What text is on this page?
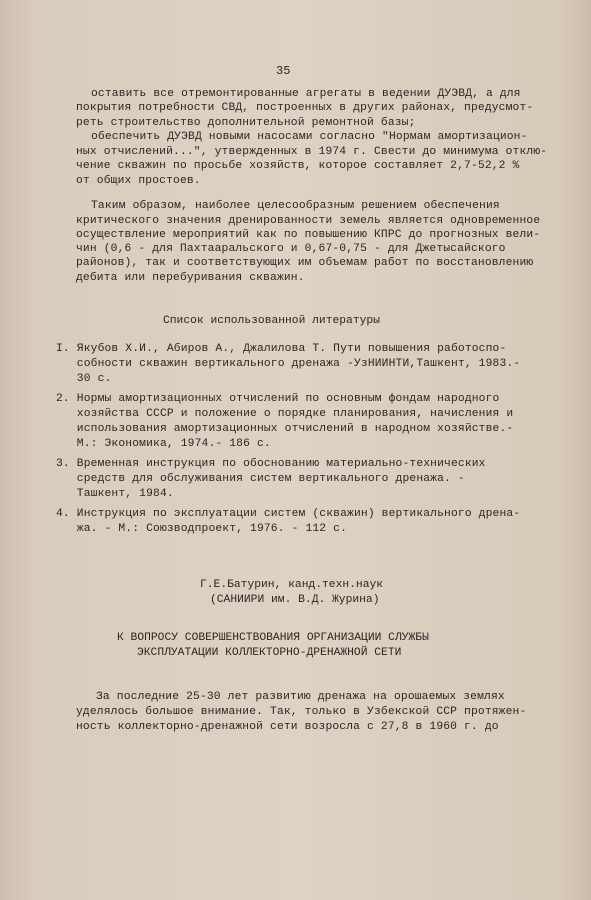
35
оставить все отремонтированные агрегаты в ведении ДУЭВД, а для
покрытия потребности СВД, построенных в других районах, предусмот-
реть строительство дополнительной ремонтной базы;
обеспечить ДУЭВД новыми насосами согласно "Нормам амортизацион-
ных отчислений...", утвержденных в 1974 г. Свести до минимума отклю-
чение скважин по просьбе хозяйств, которое составляет 2,7-52,2 %
от общих простоев.
Таким образом, наиболее целесообразным решением обеспечения
критического значения дренированности земель является одновременное
осуществление мероприятий как по повышению КПРС до прогнозных вели-
чин (0,6 - для Пахтааральского и 0,67-0,75 - для Джетысайского
районов), так и соответствующих им объемам работ по восстановлению
дебита или перебуривания скважин.
Список использованной литературы
I. Якубов Х.И., Абиров А., Джалилова Т. Пути повышения работоспо-
собности скважин вертикального дренажа -УзНИИНТИ,Ташкент, 1983.-
30 с.
2. Нормы амортизационных отчислений по основным фондам народного
хозяйства СССР и положение о порядке планирования, начисления и
использования амортизационных отчислений в народном хозяйстве.-
М.: Экономика, 1974.- 186 с.
3. Временная инструкция по обоснованию материально-технических
средств для обслуживания систем вертикального дренажа. -
Ташкент, 1984.
4. Инструкция по эксплуатации систем (скважин) вертикального дрена-
жа. - М.: Союзводпроект, 1976. - 112 с.
Г.Е.Батурин, канд.техн.наук
(САНИИРИ им. В.Д. Журина)
К ВОПРОСУ СОВЕРШЕНСТВОВАНИЯ ОРГАНИЗАЦИИ СЛУЖБЫ
ЭКСПЛУАТАЦИИ КОЛЛЕКТОРНО-ДРЕНАЖНОЙ СЕТИ
За последние 25-30 лет развитию дренажа на орошаемых землях
уделялось большое внимание. Так, только в Узбекской ССР протяжен-
ность коллекторно-дренажной сети возросла с 27,8 в 1960 г. до
